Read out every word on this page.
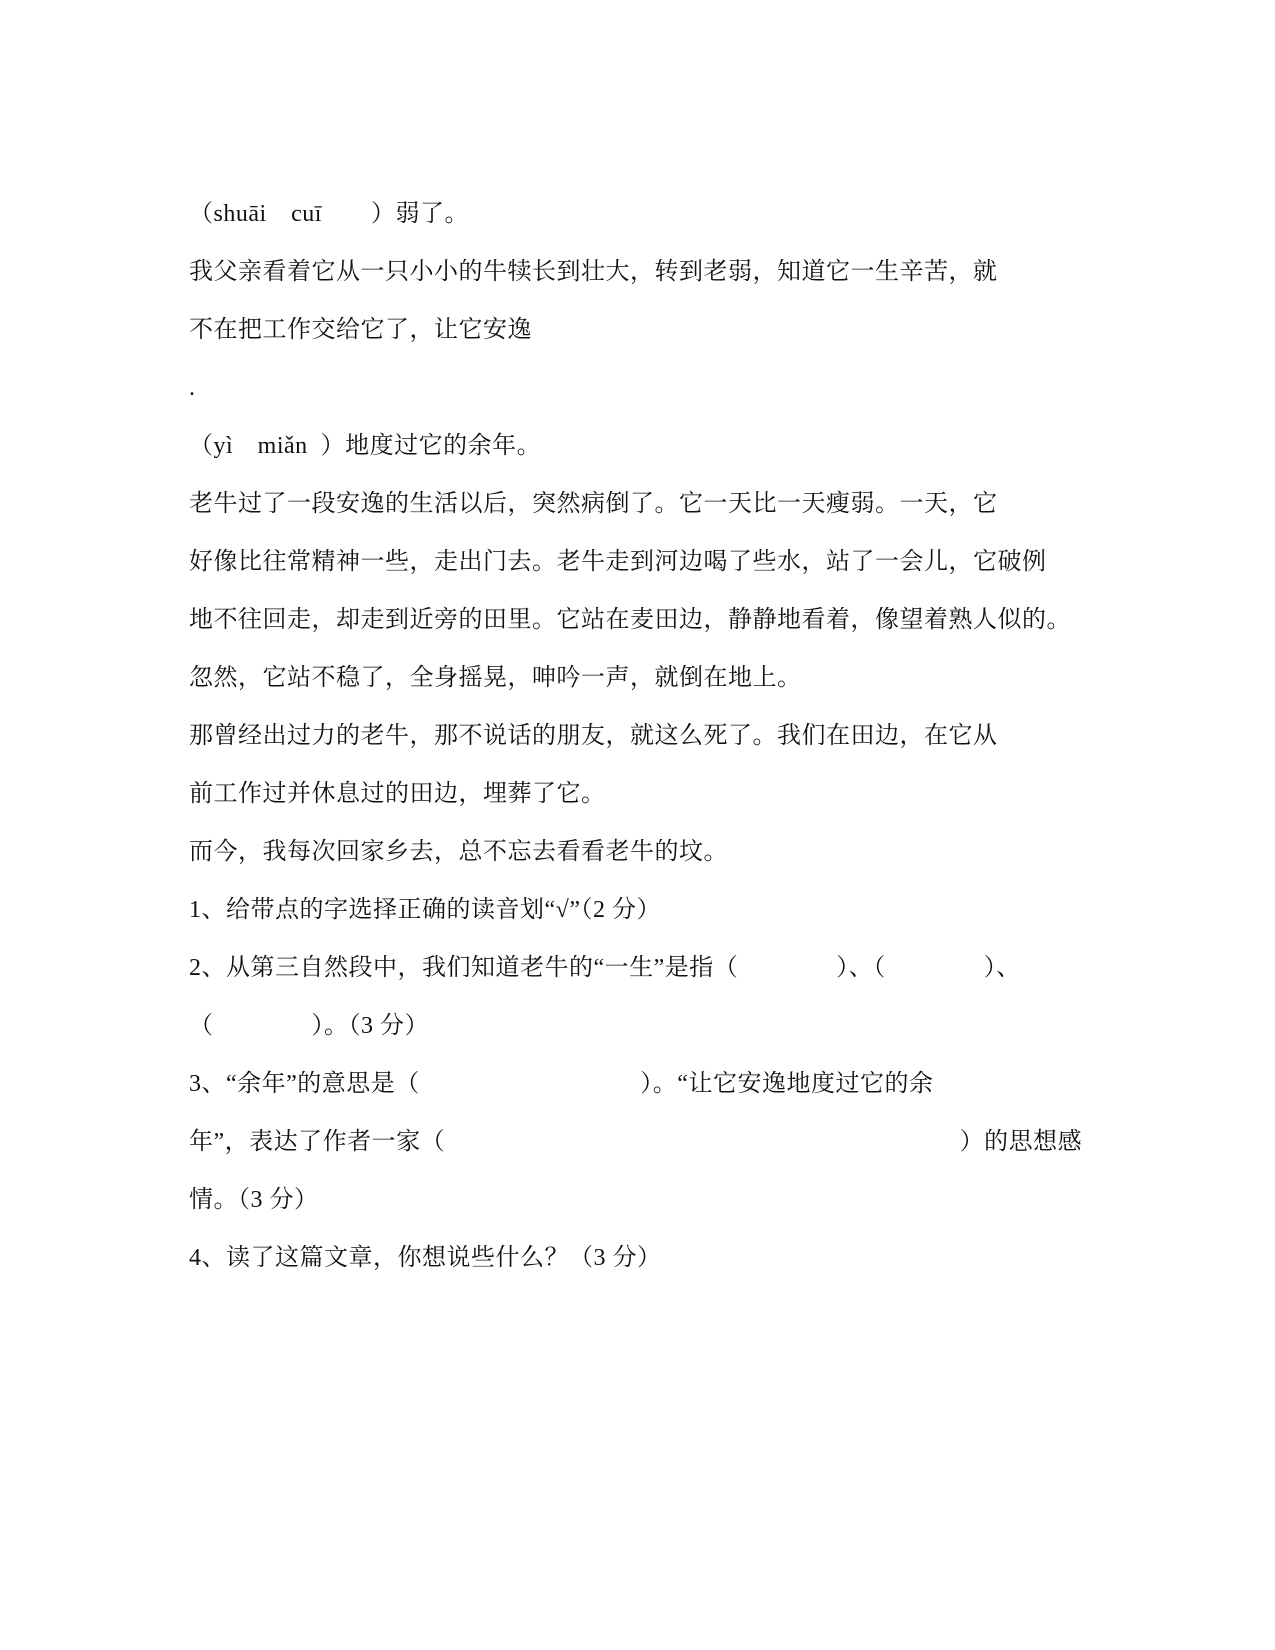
（shuāi　cuī　　）弱了。
我父亲看着它从一只小小的牛犊长到壮大，转到老弱，知道它一生辛苦，就
不在把工作交给它了，让它安逸
.
（yì　miǎn  ）地度过它的余年。
老牛过了一段安逸的生活以后，突然病倒了。它一天比一天瘦弱。一天，它
好像比往常精神一些，走出门去。老牛走到河边喝了些水，站了一会儿，它破例
地不往回走，却走到近旁的田里。它站在麦田边，静静地看着，像望着熟人似的。
忽然，它站不稳了，全身摇晃，呻吟一声，就倒在地上。
那曾经出过力的老牛，那不说话的朋友，就这么死了。我们在田边，在它从
前工作过并休息过的田边，埋葬了它。
而今，我每次回家乡去，总不忘去看看老牛的坟。
1、给带点的字选择正确的读音划“√”（2 分）
2、从第三自然段中，我们知道老牛的“一生”是指（　　　　）、（　　　　）、
（　　　　）。（3 分）
3、“余年”的意思是（　　　　　　　　　）。“让它安逸地度过它的余
年”，表达了作者一家（　　　　　　　　　　　　　　　　　　　　　）的思想感
情。（3 分）
4、读了这篇文章，你想说些什么？（3 分）
